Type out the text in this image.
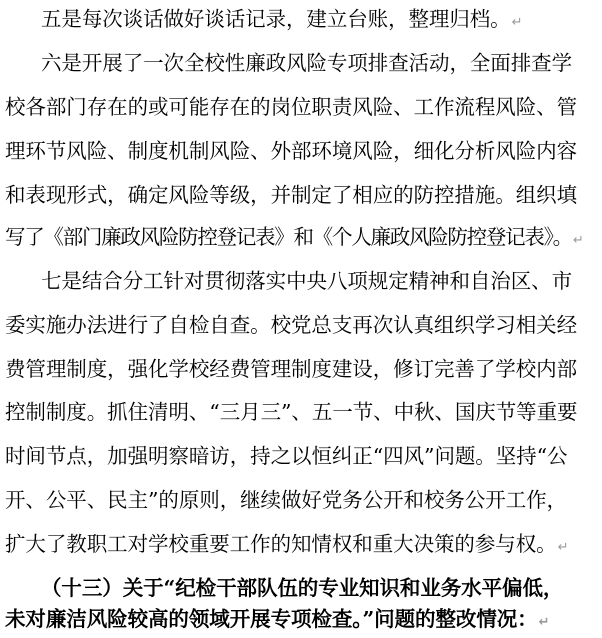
五是每次谈话做好谈话记录，建立台账，整理归档。↵
六是开展了一次全校性廉政风险专项排查活动，全面排查学
校各部门存在的或可能存在的岗位职责风险、工作流程风险、管
理环节风险、制度机制风险、外部环境风险，细化分析风险内容
和表现形式，确定风险等级，并制定了相应的防控措施。组织填
写了《部门廉政风险防控登记表》和《个人廉政风险防控登记表》。↵
七是结合分工针对贯彻落实中央八项规定精神和自治区、市
委实施办法进行了自检自查。校党总支再次认真组织学习相关经
费管理制度，强化学校经费管理制度建设，修订完善了学校内部
控制制度。抓住清明、“三月三”、五一节、中秋、国庆节等重要
时间节点，加强明察暗访，持之以恒纠正“四风”问题。坚持“公
开、公平、民主”的原则，继续做好党务公开和校务公开工作，
扩大了教职工对学校重要工作的知情权和重大决策的参与权。↵
（十三）关于“纪检干部队伍的专业知识和业务水平偏低，
未对廉洁风险较高的领域开展专项检查。”问题的整改情况：↵
